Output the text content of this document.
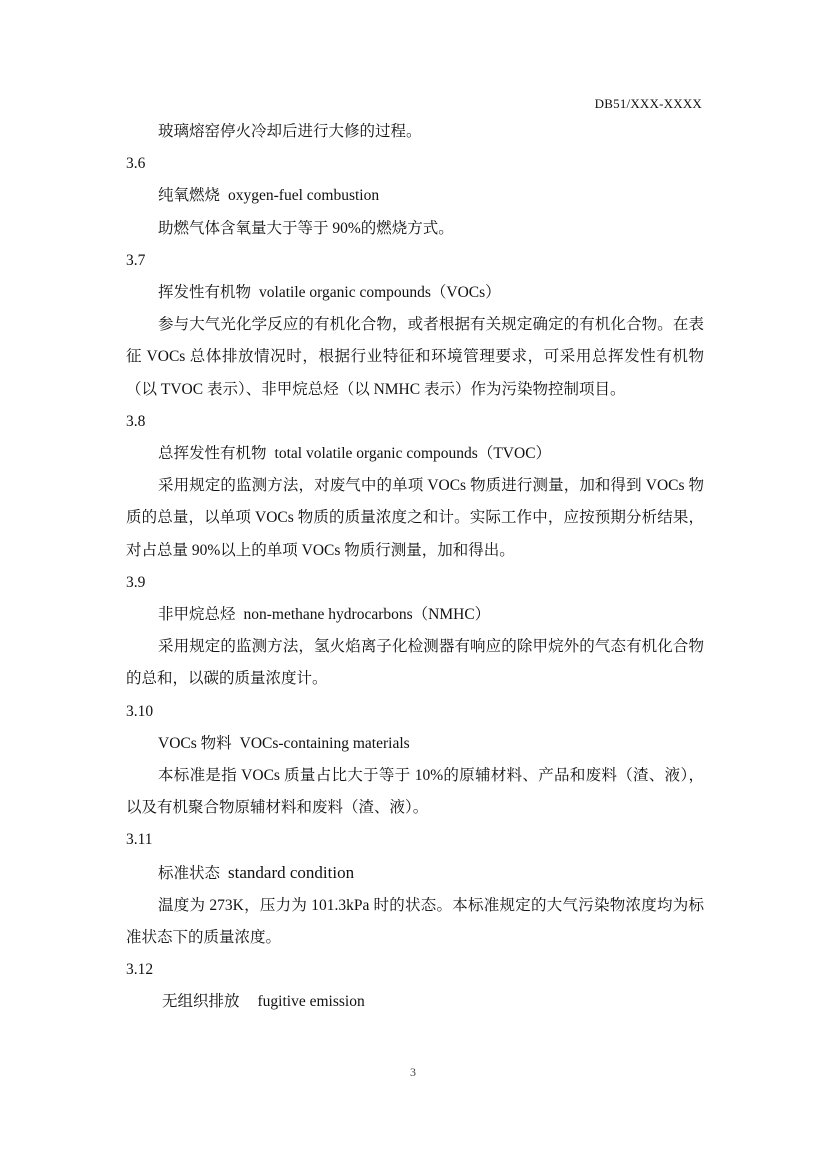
DB51/XXX-XXXX

玻璃熔窑停火冷却后进行大修的过程。

3.6

纯氧燃烧 oxygen-fuel combustion

助燃气体含氧量大于等于 90%的燃烧方式。

3.7

挥发性有机物 volatile organic compounds（VOCs）

参与大气光化学反应的有机化合物，或者根据有关规定确定的有机化合物。在表征 VOCs 总体排放情况时，根据行业特征和环境管理要求，可采用总挥发性有机物（以 TVOC 表示）、非甲烷总烃（以 NMHC 表示）作为污染物控制项目。

3.8

总挥发性有机物 total volatile organic compounds（TVOC）

采用规定的监测方法，对废气中的单项 VOCs 物质进行测量，加和得到 VOCs 物质的总量，以单项 VOCs 物质的质量浓度之和计。实际工作中，应按预期分析结果，对占总量 90%以上的单项 VOCs 物质行测量，加和得出。

3.9

非甲烷总烃 non-methane hydrocarbons（NMHC）

采用规定的监测方法，氢火焰离子化检测器有响应的除甲烷外的气态有机化合物的总和，以碳的质量浓度计。

3.10

VOCs 物料 VOCs-containing materials

本标准是指 VOCs 质量占比大于等于 10%的原辅材料、产品和废料（渣、液），以及有机聚合物原辅材料和废料（渣、液）。

3.11

标准状态 standard condition

温度为 273K，压力为 101.3kPa 时的状态。本标准规定的大气污染物浓度均为标准状态下的质量浓度。

3.12

无组织排放 fugitive emission

3
